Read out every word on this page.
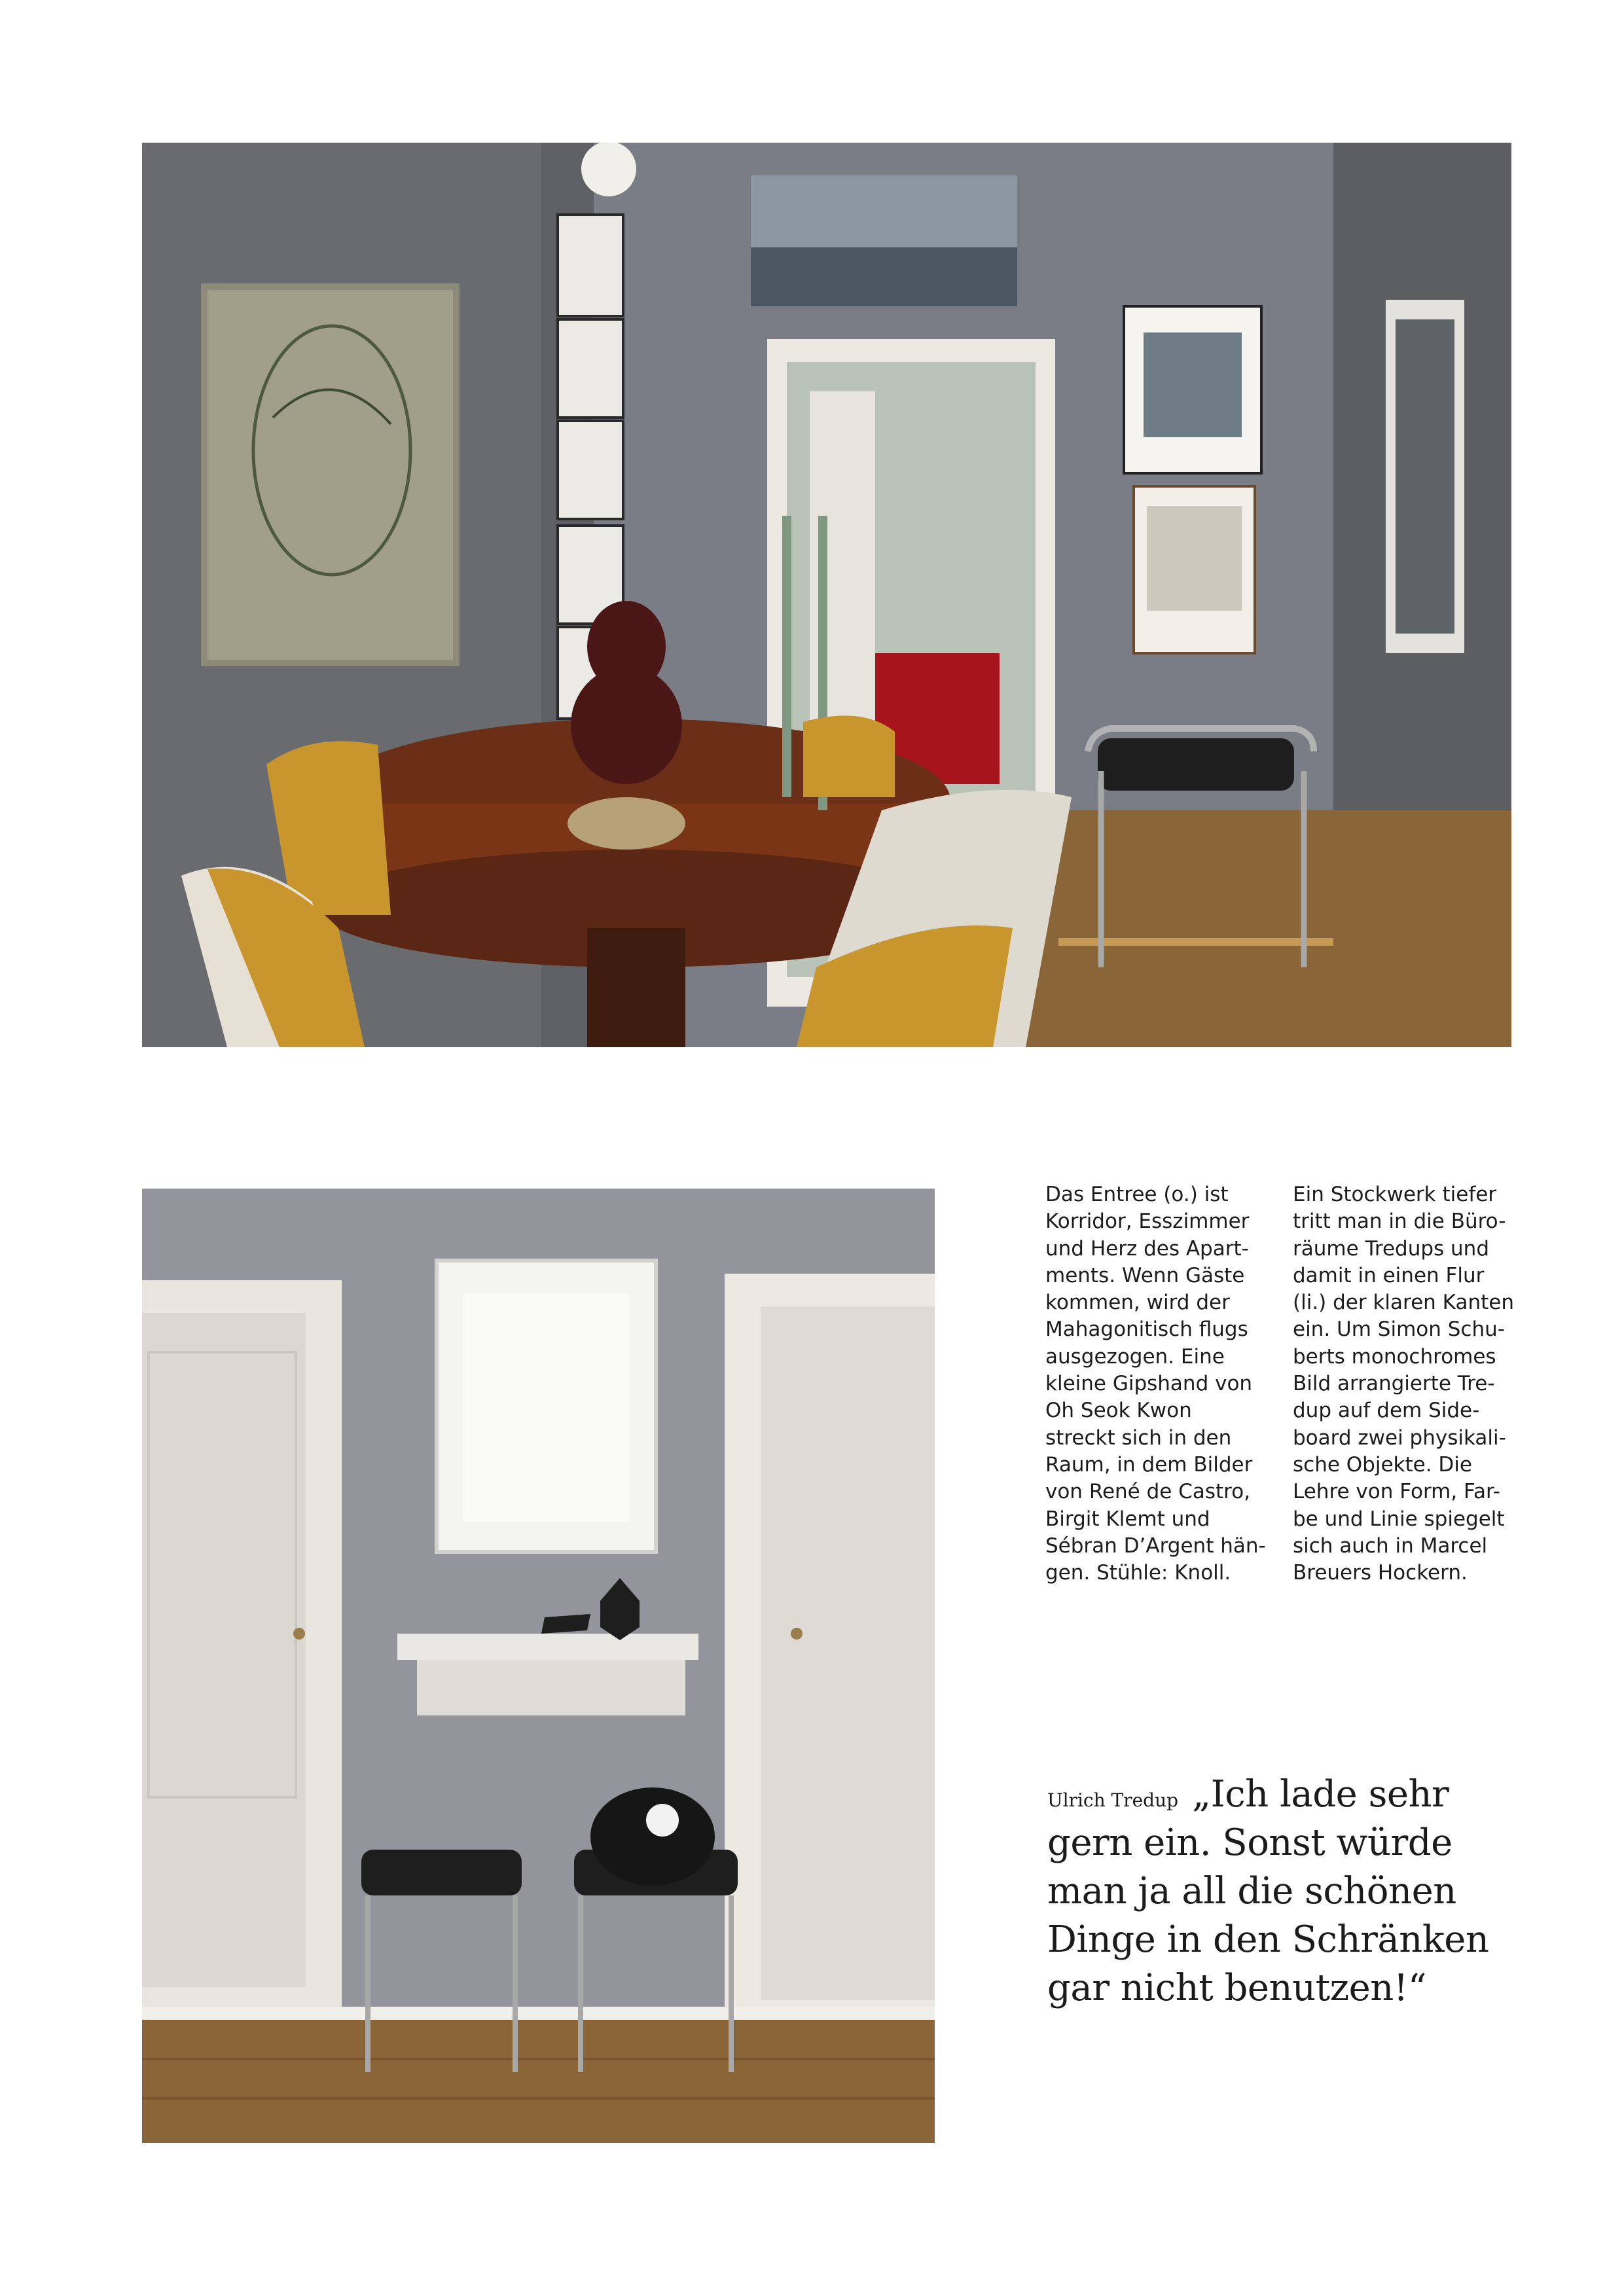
Das Entree (o.) ist

Korridor, Esszimmer

und Herz des Apart-

ments. Wenn Gäste

kommen, wird der

Mahagonitisch flugs

ausgezogen. Eine

kleine Gipshand von

Oh Seok Kwon

streckt sich in den

Raum, in dem Bilder

von René de Castro,

Birgit Klemt und

Sébran D’Argent hän-

gen. Stühle: Knoll.

Ein Stockwerk tiefer

tritt man in die Büro-

räume Tredups und

damit in einen Flur

(li.) der klaren Kanten

ein. Um Simon Schu-

berts monochromes

Bild arrangierte Tre-

dup auf dem Side-

board zwei physikali-

sche Objekte. Die

Lehre von Form, Far-

be und Linie spiegelt

sich auch in Marcel

Breuers Hockern.

Ulrich Tredup „Ich lade sehr gern ein. Sonst würde man ja all die schönen Dinge in den Schränken gar nicht benutzen!“
